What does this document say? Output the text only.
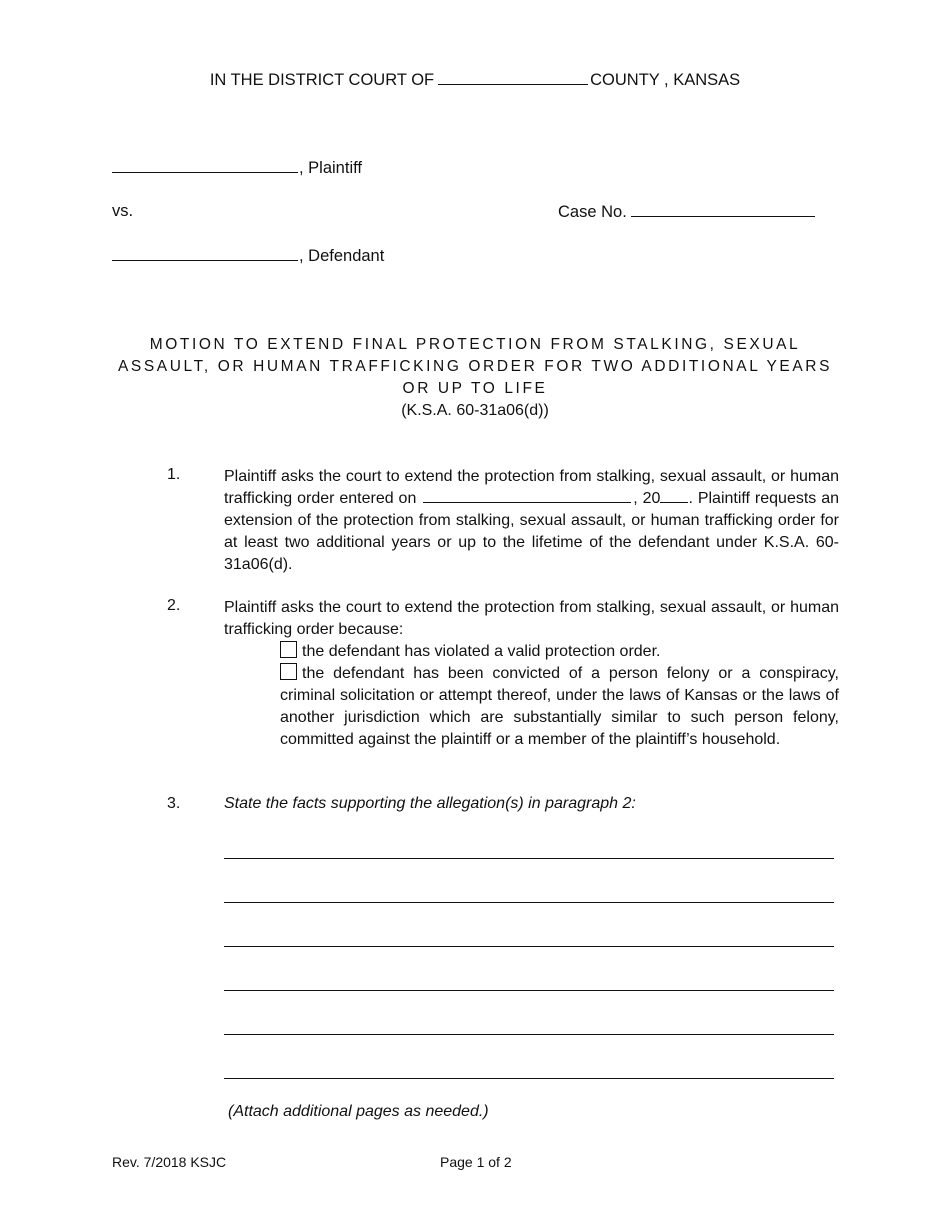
IN THE DISTRICT COURT OF	COUNTY , KANSAS
, Plaintiff
vs.	Case No.
, Defendant
MOTION TO EXTEND FINAL PROTECTION FROM STALKING, SEXUAL
ASSAULT, OR HUMAN TRAFFICKING ORDER FOR TWO ADDITIONAL YEARS
OR UP TO LIFE
(K.S.A. 60-31a06(d))
1.	Plaintiff asks the court to extend the protection from stalking, sexual assault, or human trafficking order entered on	, 20 . Plaintiff requests an extension of the protection from stalking, sexual assault, or human trafficking order for at least two additional years or up to the lifetime of the defendant under K.S.A. 60-31a06(d).
2.	Plaintiff asks the court to extend the protection from stalking, sexual assault, or human trafficking order because:
the defendant has violated a valid protection order.
the defendant has been convicted of a person felony or a conspiracy, criminal solicitation or attempt thereof, under the laws of Kansas or the laws of another jurisdiction which are substantially similar to such person felony, committed against the plaintiff or a member of the plaintiff’s household.
3.	State the facts supporting the allegation(s) in paragraph 2:
(Attach additional pages as needed.)
Rev. 7/2018 KSJC	Page 1 of 2
